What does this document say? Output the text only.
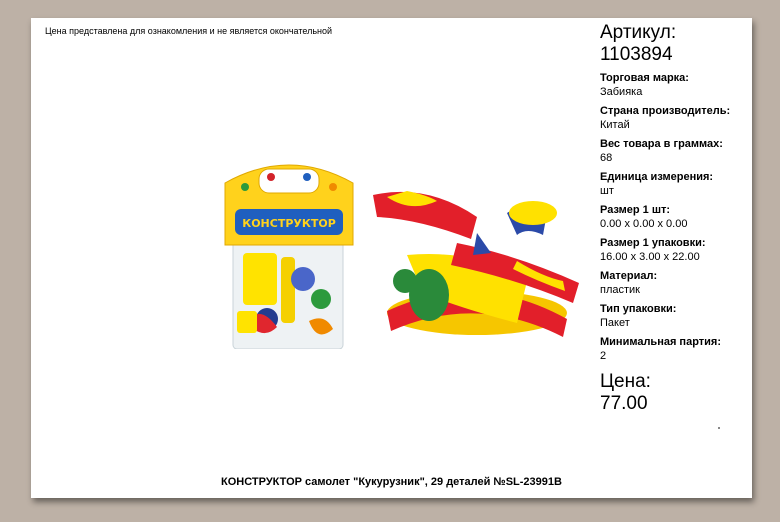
Цена представлена для ознакомления и не является окончательной
КОНСТРУКТОР
Артикул:
1103894
Торговая марка:
Забияка
Страна производитель:
Китай
Вес товара в граммах:
68
Единица измерения:
шт
Размер 1 шт:
0.00 x 0.00 x 0.00
Размер 1 упаковки:
16.00 x 3.00 x 22.00
Материал:
пластик
Тип упаковки:
Пакет
Минимальная партия:
2
Цена:
77.00
КОНСТРУКТОР самолет "Кукурузник", 29 деталей №SL-23991B
